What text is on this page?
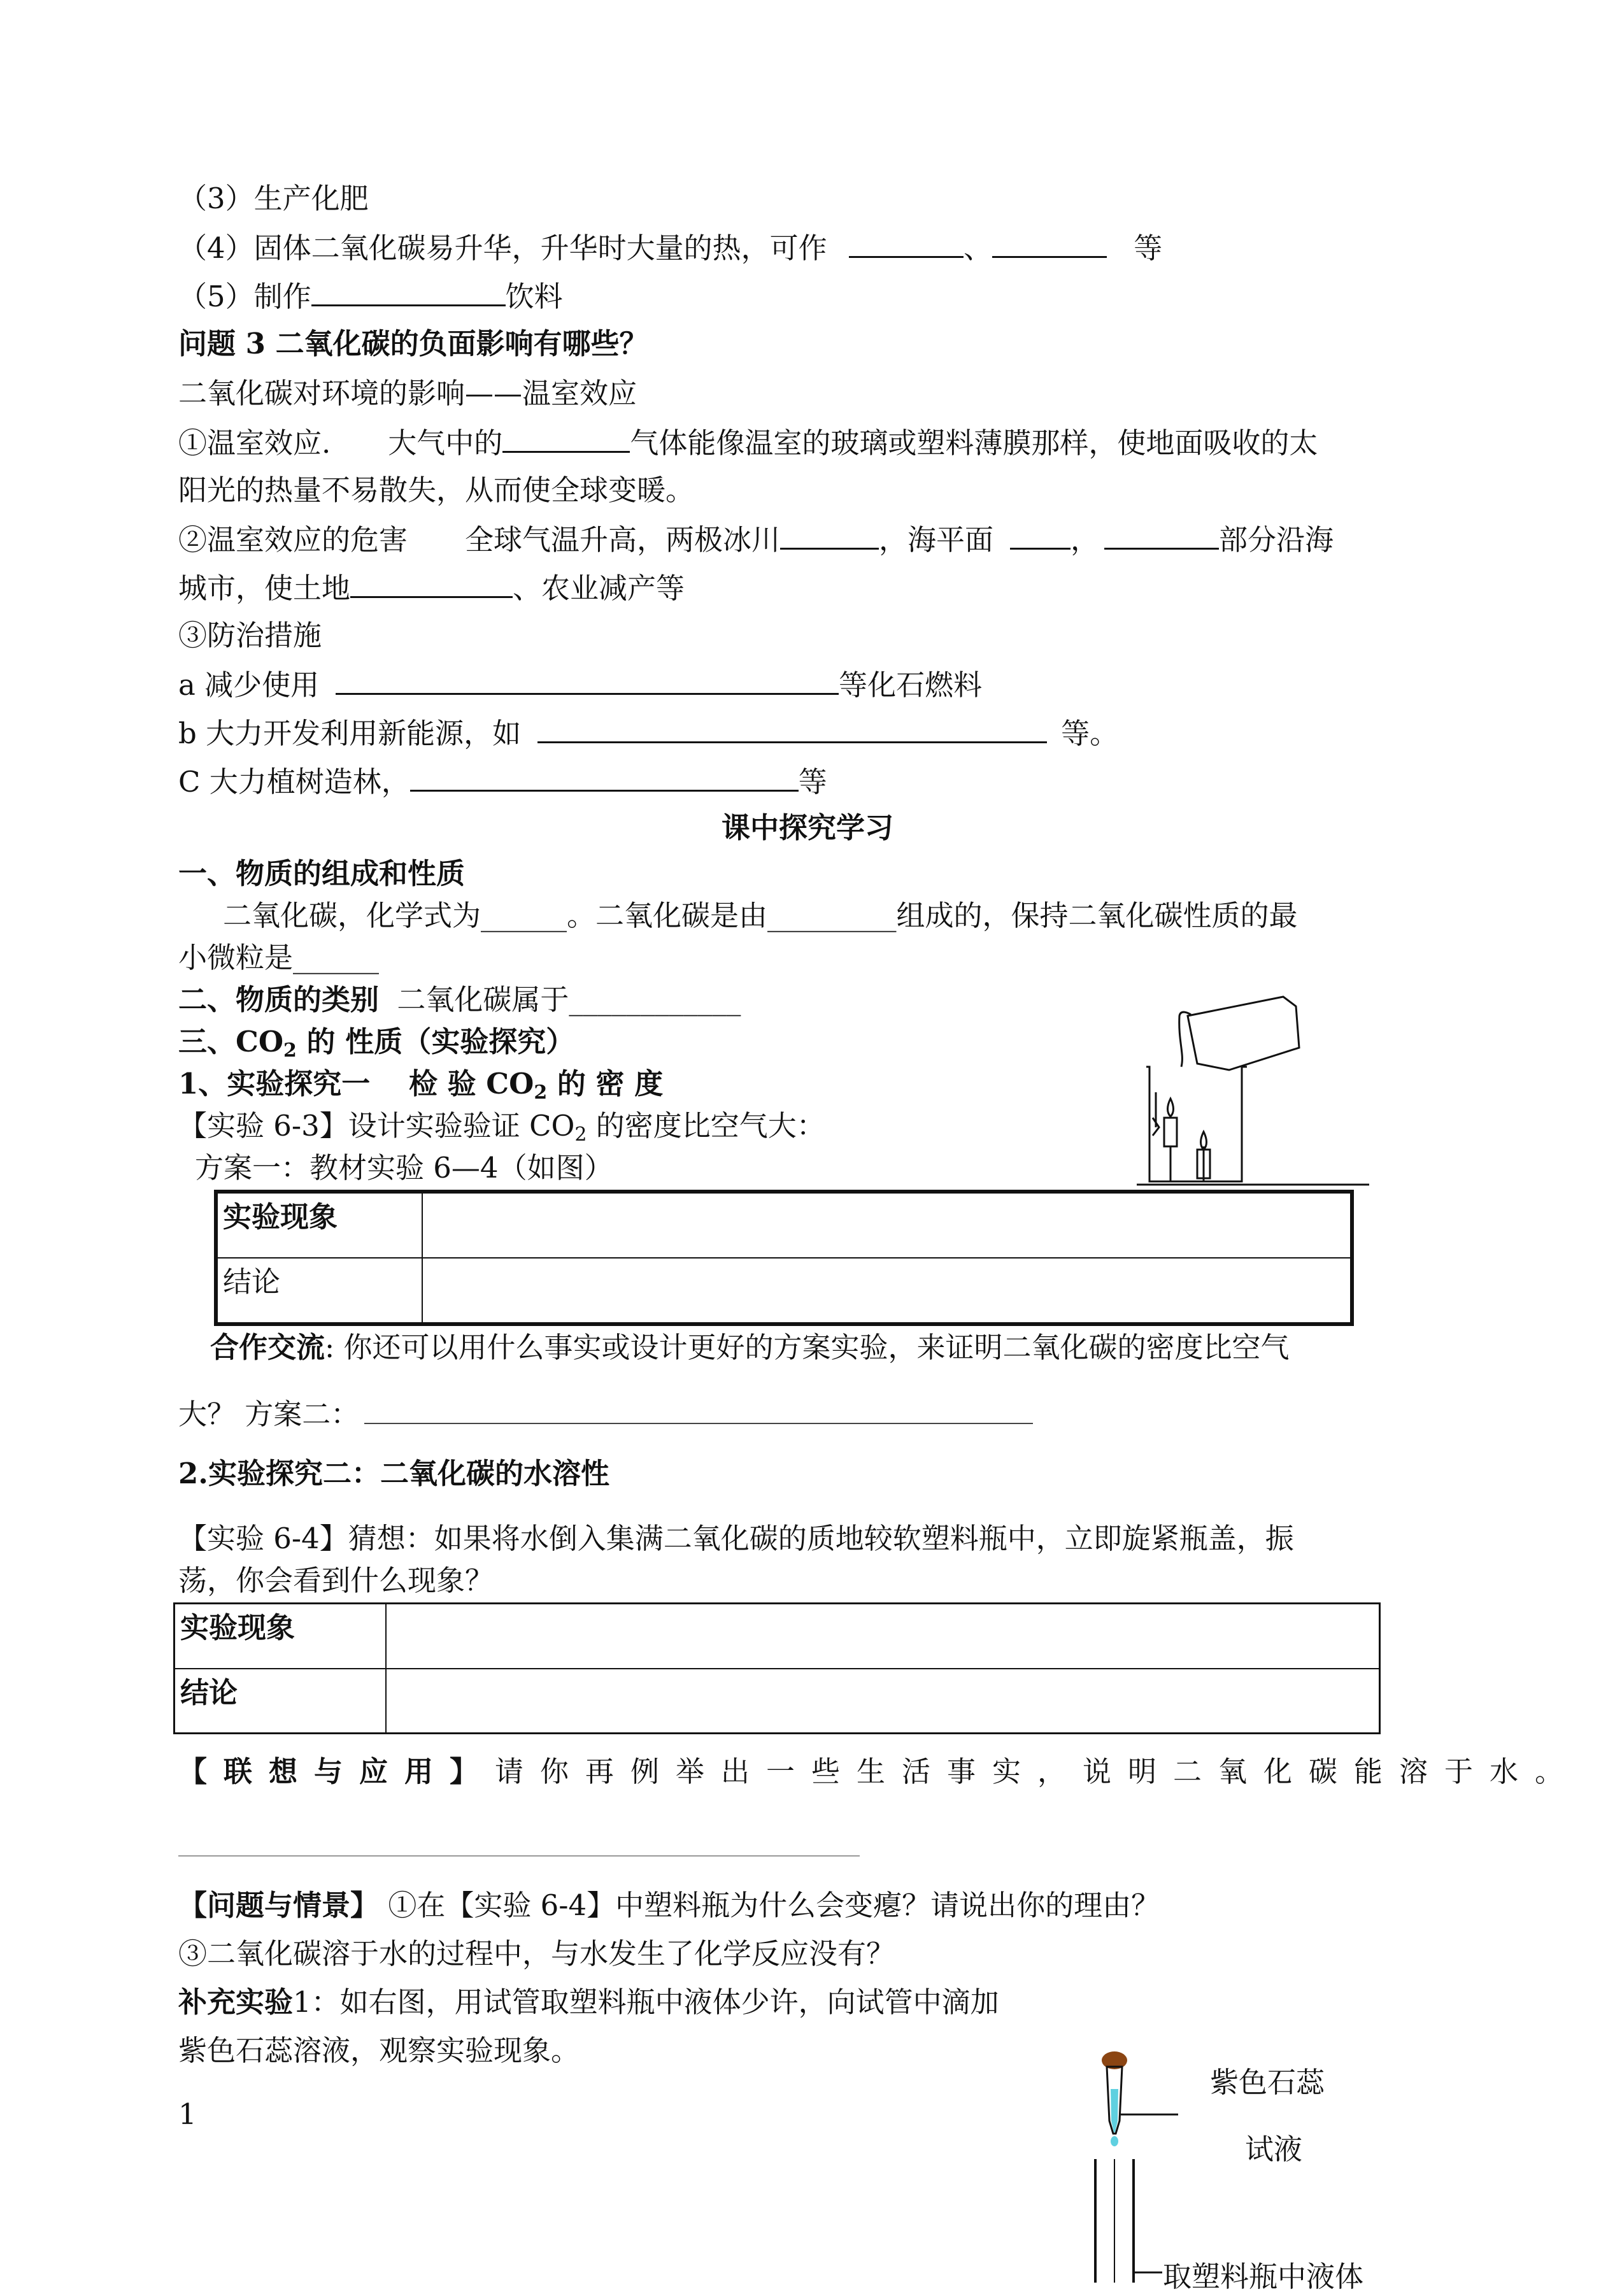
（3）生产化肥
（4）固体二氧化碳易升华，升华时大量的热，可作	、	等
（5）制作	饮料
问题 3 二氧化碳的负面影响有哪些？
二氧化碳对环境的影响——温室效应
①温室效应.　　大气中的	气体能像温室的玻璃或塑料薄膜那样，使地面吸收的太
阳光的热量不易散失，从而使全球变暖。
②温室效应的危害　　全球气温升高，两极冰川	，海平面	，	部分沿海
城市，使土地	、农业减产等
③防治措施
a 减少使用	等化石燃料
b 大力开发利用新能源，如	等。
C 大力植树造林，	等
课中探究学习
一、物质的组成和性质
二氧化碳，化学式为______。二氧化碳是由_________组成的，保持二氧化碳性质的最
小微粒是______
二、物质的类别 二氧化碳属于____________
三、$CO_2$ 的 性质（实验探究）
1、实验探究一　 检 验 $CO_2$ 的 密 度
【实验 6-3】设计实验验证 $CO_2$ 的密度比空气大：
方案一：教材实验 6—4（如图）
实验现象	
结论	
合作交流: 你还可以用什么事实或设计更好的方案实验，来证明二氧化碳的密度比空气
大？ 方案二：
2.实验探究二：二氧化碳的水溶性
【实验 6-4】猜想：如果将水倒入集满二氧化碳的质地较软塑料瓶中，立即旋紧瓶盖，振
荡，你会看到什么现象？
实验现象	
结论	
【联想与应用】请你再例举出一些生活事实，说明二氧化碳能溶于水。
【问题与情景】 ①在【实验 6-4】中塑料瓶为什么会变瘪？请说出你的理由？
③二氧化碳溶于水的过程中，与水发生了化学反应没有？
补充实验1：如右图，用试管取塑料瓶中液体少许，向试管中滴加
紫色石蕊溶液，观察实验现象。
1
紫色石蕊
试液
取塑料瓶中液体
